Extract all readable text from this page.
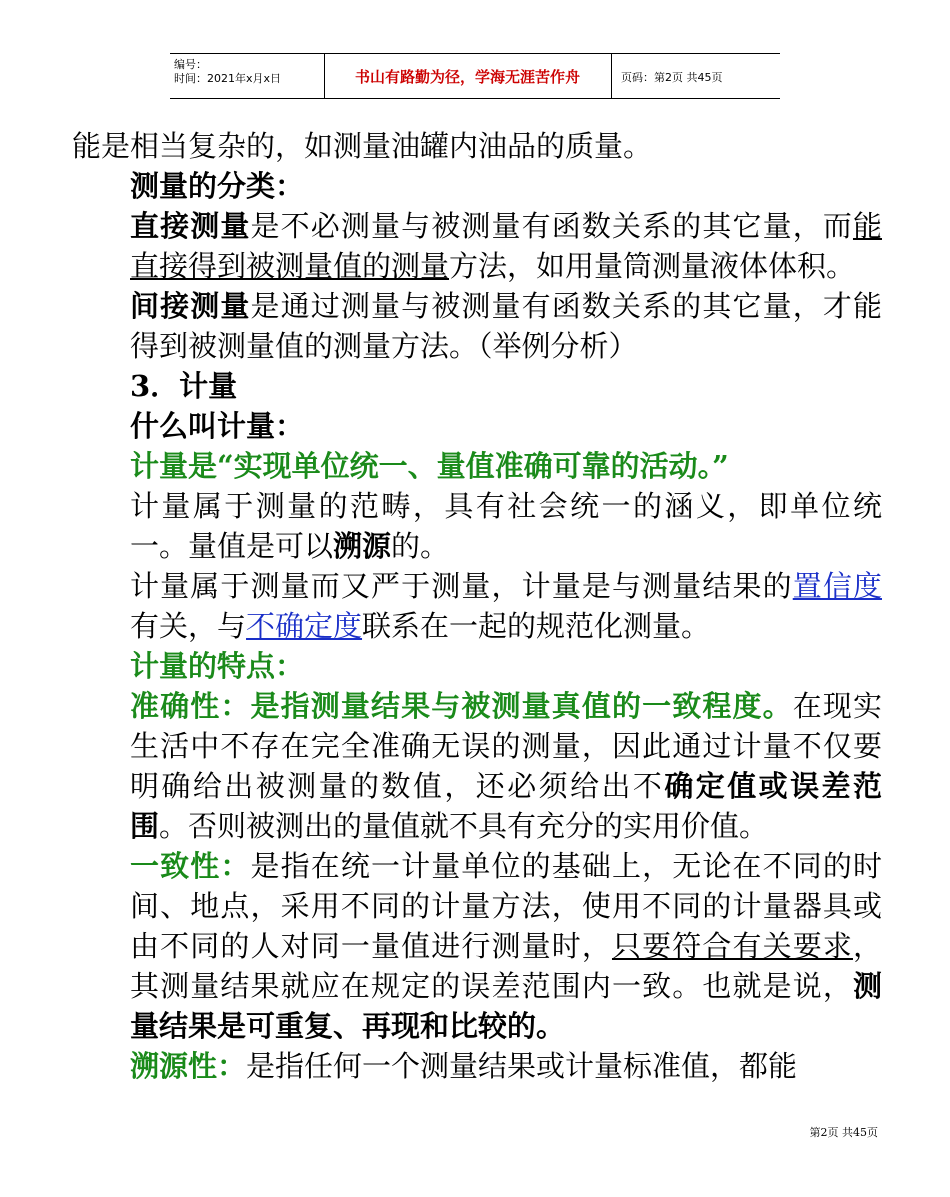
编号：
时间：2021年x月x日	书山有路勤为径，学海无涯苦作舟	页码：第2页 共45页

能是相当复杂的，如测量油罐内油品的质量。

测量的分类：

直接测量是不必测量与被测量有函数关系的其它量，而能直接得到被测量值的测量方法，如用量筒测量液体体积。

间接测量是通过测量与被测量有函数关系的其它量，才能得到被测量值的测量方法。（举例分析）

3．计量

什么叫计量：

计量是“实现单位统一、量值准确可靠的活动。”

计量属于测量的范畴，具有社会统一的涵义，即单位统一。量值是可以溯源的。

计量属于测量而又严于测量，计量是与测量结果的置信度有关，与不确定度联系在一起的规范化测量。

计量的特点：

准确性：是指测量结果与被测量真值的一致程度。在现实生活中不存在完全准确无误的测量，因此通过计量不仅要明确给出被测量的数值，还必须给出不确定值或误差范围。否则被测出的量值就不具有充分的实用价值。

一致性：是指在统一计量单位的基础上，无论在不同的时间、地点，采用不同的计量方法，使用不同的计量器具或由不同的人对同一量值进行测量时，只要符合有关要求，其测量结果就应在规定的误差范围内一致。也就是说，测量结果是可重复、再现和比较的。

溯源性：是指任何一个测量结果或计量标准值，都能

第2页 共45页
